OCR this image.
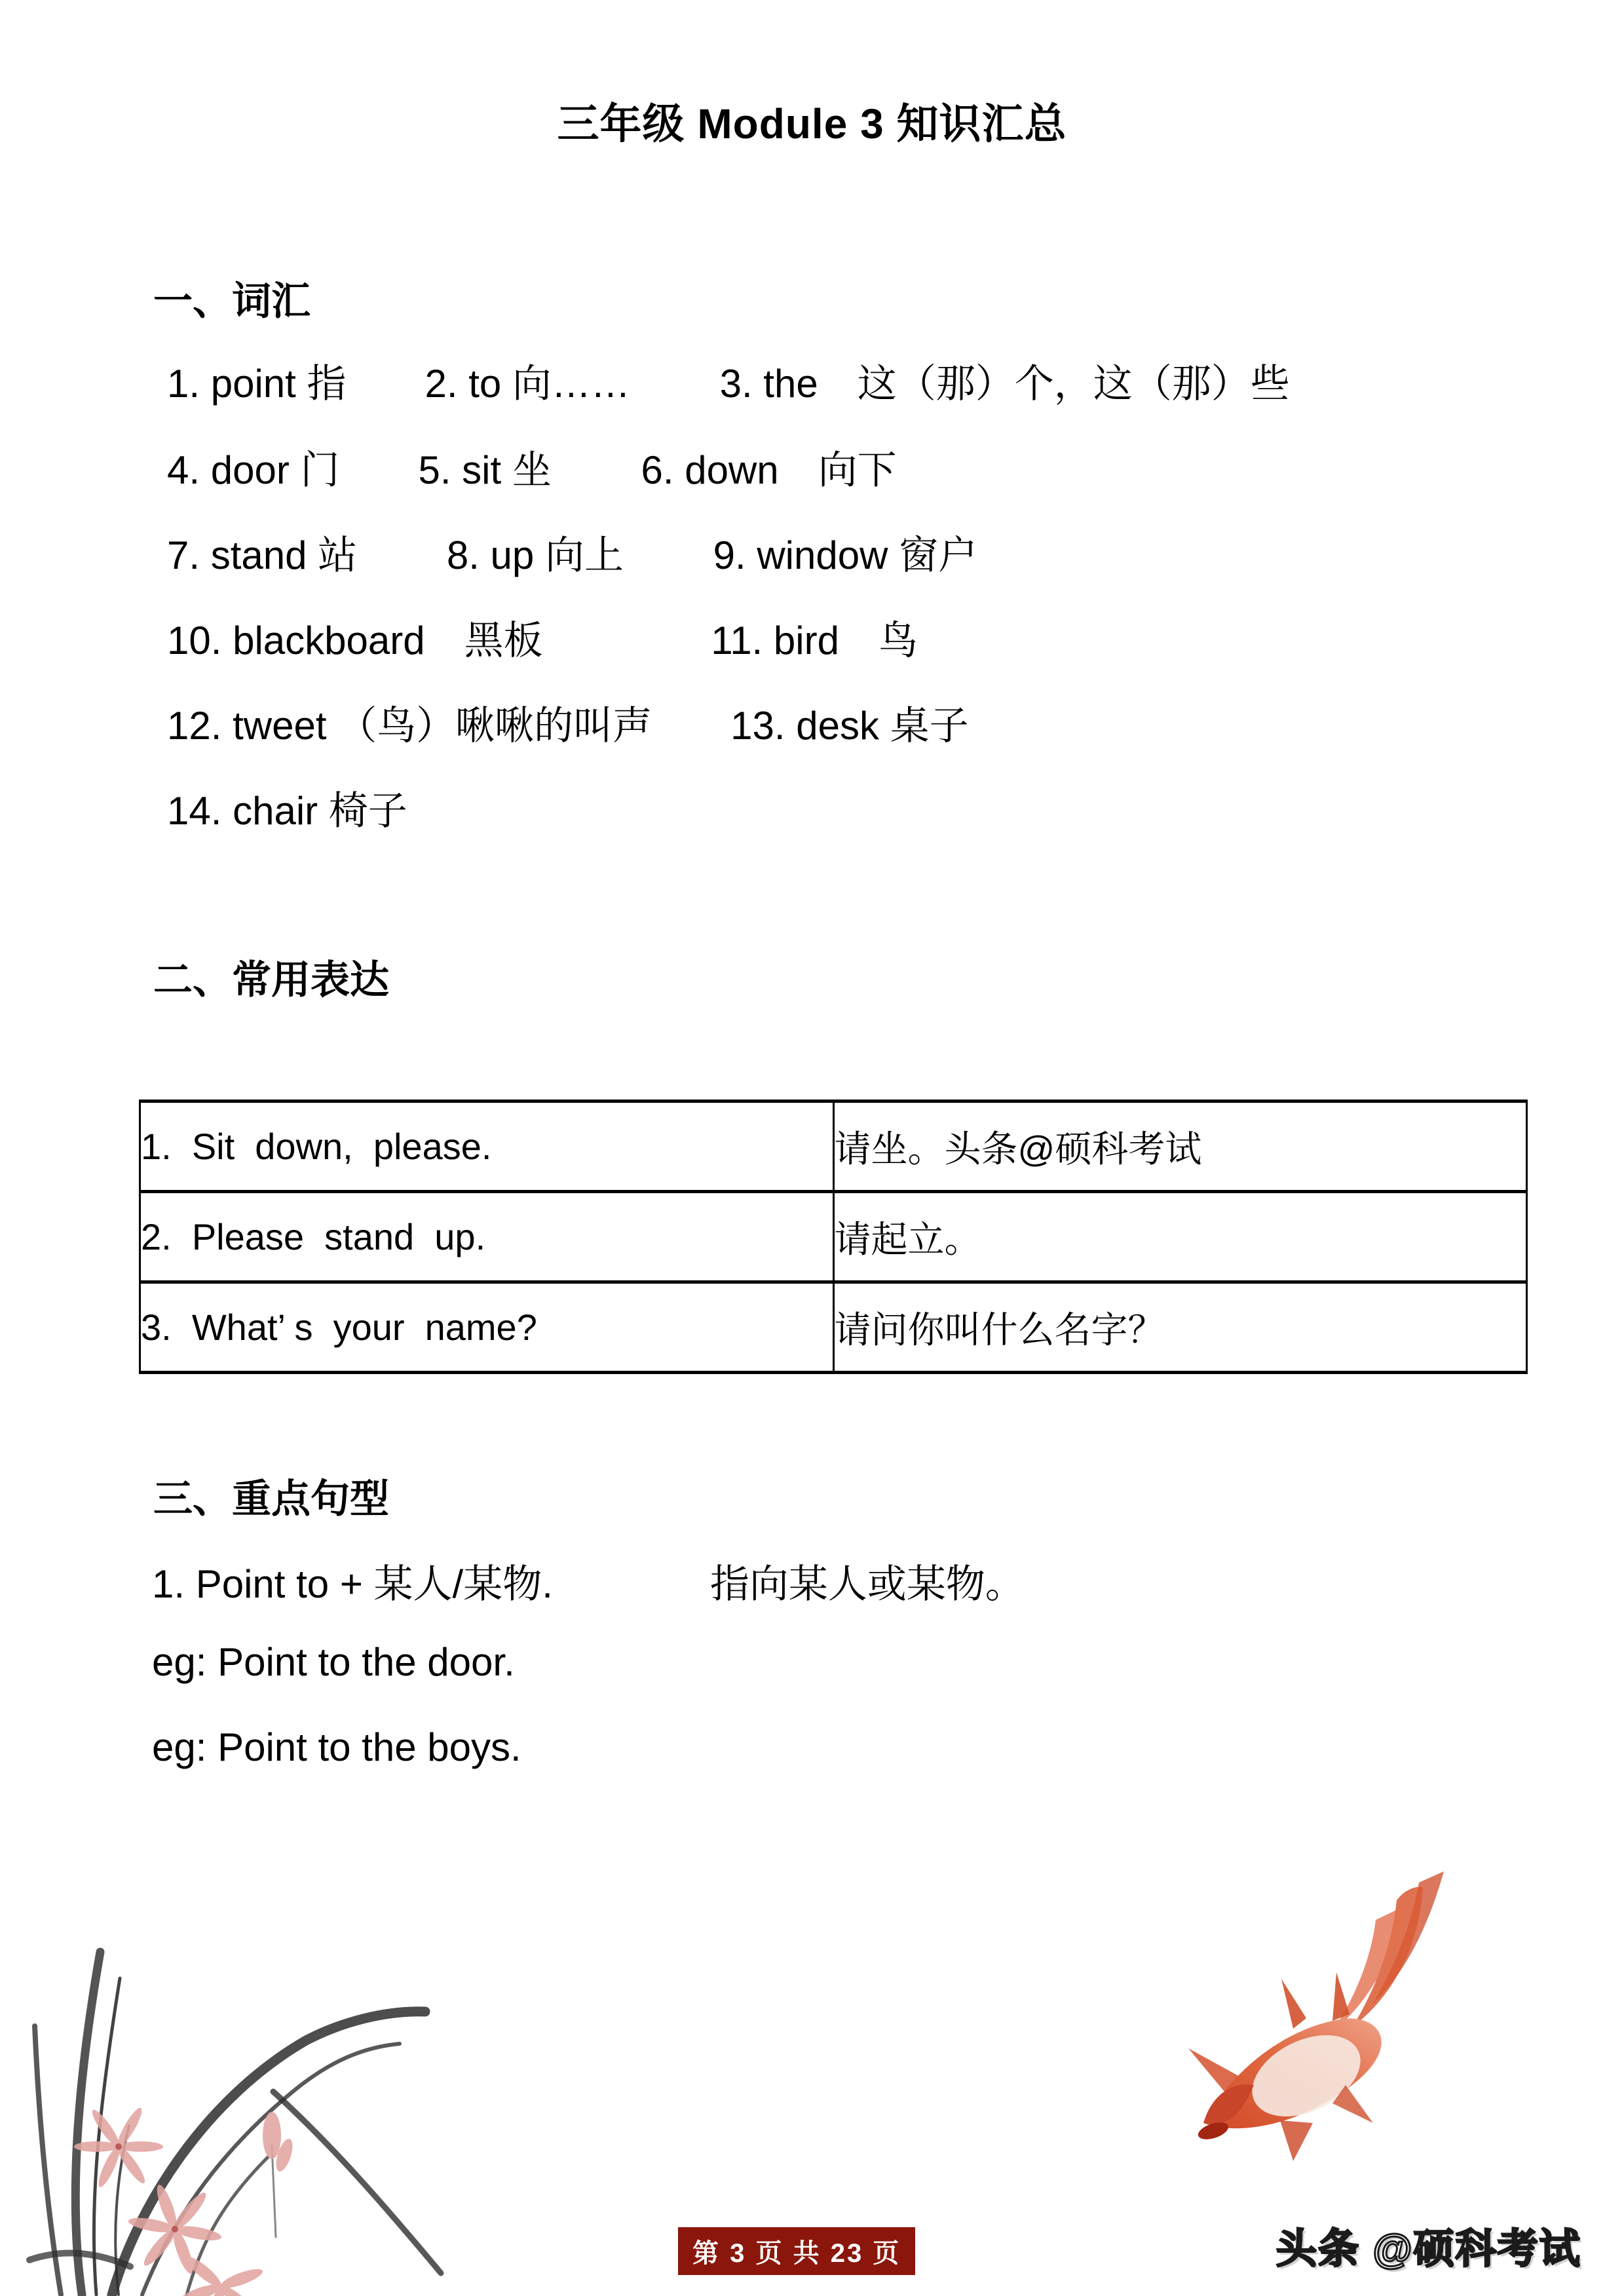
三年级 Module 3 知识汇总
一、词汇
1. point 指　　2. to 向……　　 3. the　这（那）个，这（那）些
4. door 门　　5. sit 坐　　 6. down　向下
7. stand 站　　 8. up 向上　　 9. window 窗户
10. blackboard　黑板　　　　 11. bird　鸟
12. tweet （鸟）啾啾的叫声　　13. desk 桌子
14. chair 椅子
二、常用表达
1.  Sit  down,  please.	请坐。头条@硕科考试
2.  Please  stand  up.	请起立。
3.  What’ s  your  name?	请问你叫什么名字？
三、重点句型
1. Point to + 某人/某物.　　　　指向某人或某物。
eg: Point to the door.
eg: Point to the boys.
第 3 页 共 23 页	头条 @硕科考试
